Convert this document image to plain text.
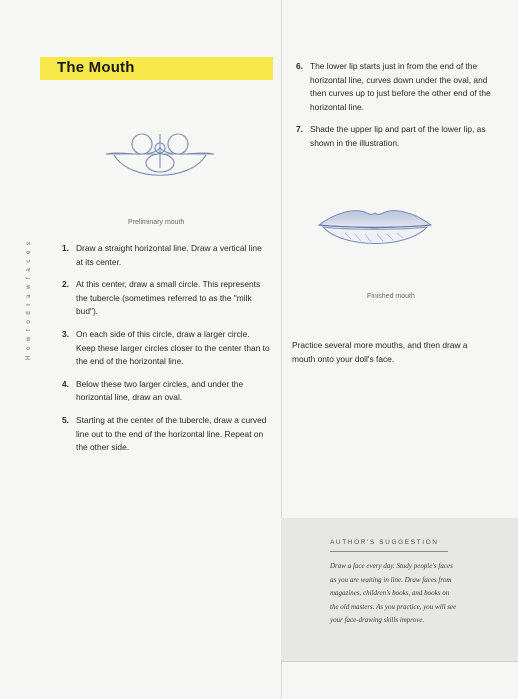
The Mouth
H o w t o d r a w f a c e s
Preliminary mouth
Finished mouth
1. Draw a straight horizontal line. Draw a vertical line at its center.
2. At this center, draw a small circle. This represents the tubercle (sometimes referred to as the "milk bud").
3. On each side of this circle, draw a larger circle. Keep these larger circles closer to the center than to the end of the horizontal line.
4. Below these two larger circles, and under the horizontal line, draw an oval.
5. Starting at the center of the tubercle, draw a curved line out to the end of the horizontal line. Repeat on the other side.
6. The lower lip starts just in from the end of the horizontal line, curves down under the oval, and then curves up to just before the other end of the horizontal line.
7. Shade the upper lip and part of the lower lip, as shown in the illustration.
Practice several more mouths, and then draw a mouth onto your doll's face.
AUTHOR'S SUGGESTION
Draw a face every day. Study people's faces as you are waiting in line. Draw faces from magazines, children's books, and books on the old masters. As you practice, you will see your face-drawing skills improve.
